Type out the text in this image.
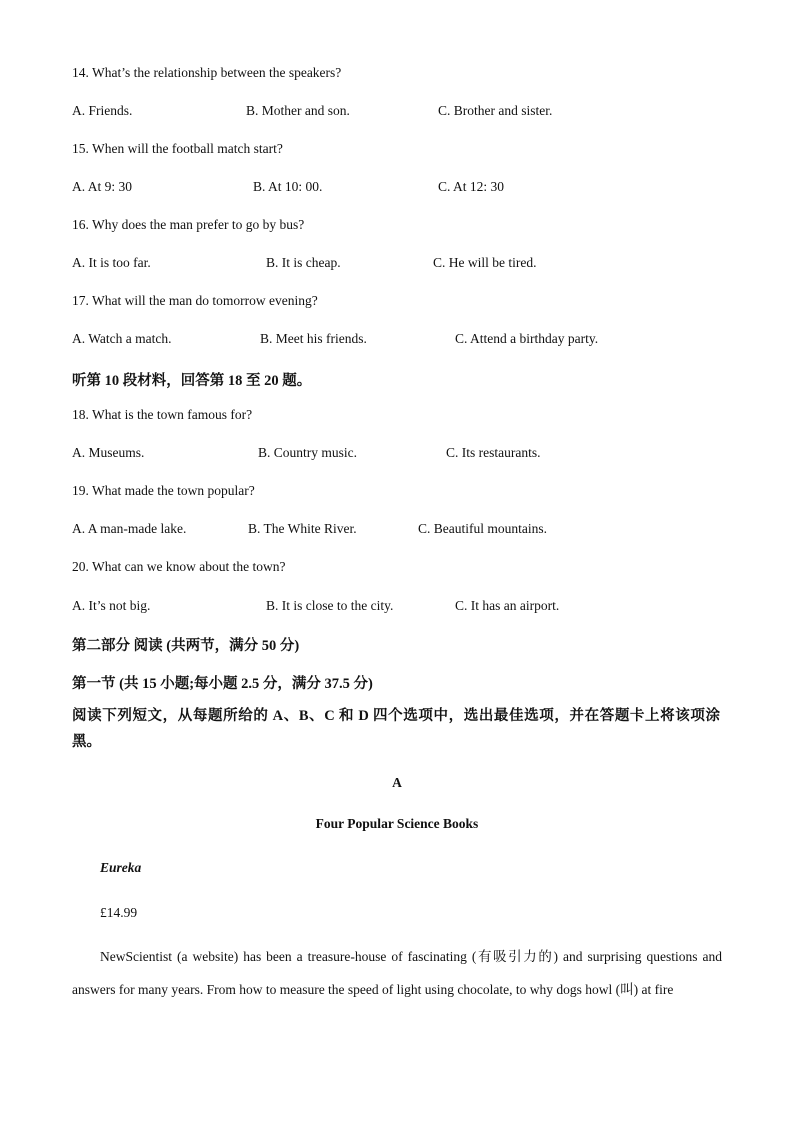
14. What’s the relationship between the speakers?
A. Friends.	B. Mother and son.	C. Brother and sister.
15. When will the football match start?
A. At 9: 30	B. At 10: 00.	C. At 12: 30
16. Why does the man prefer to go by bus?
A. It is too far.	B. It is cheap.	C. He will be tired.
17. What will the man do tomorrow evening?
A. Watch a match.	B. Meet his friends.	C. Attend a birthday party.
听第 10 段材料，回答第 18 至 20 题。
18. What is the town famous for?
A. Museums.	B. Country music.	C. Its restaurants.
19. What made the town popular?
A. A man-made lake.	B. The White River.	C. Beautiful mountains.
20. What can we know about the town?
A. It’s not big.	B. It is close to the city.	C. It has an airport.
第二部分 阅读 (共两节，满分 50 分)
第一节 (共 15 小题;每小题 2.5 分，满分 37.5 分)
阅读下列短文，从每题所给的 A、B、C 和 D 四个选项中，选出最佳选项，并在答题卡上将该项涂黑。
A
Four Popular Science Books
Eureka
£14.99
NewScientist (a website) has been a treasure-house of fascinating (有吸引力的) and surprising questions and answers for many years. From how to measure the speed of light using chocolate, to why dogs howl (叫) at fire
